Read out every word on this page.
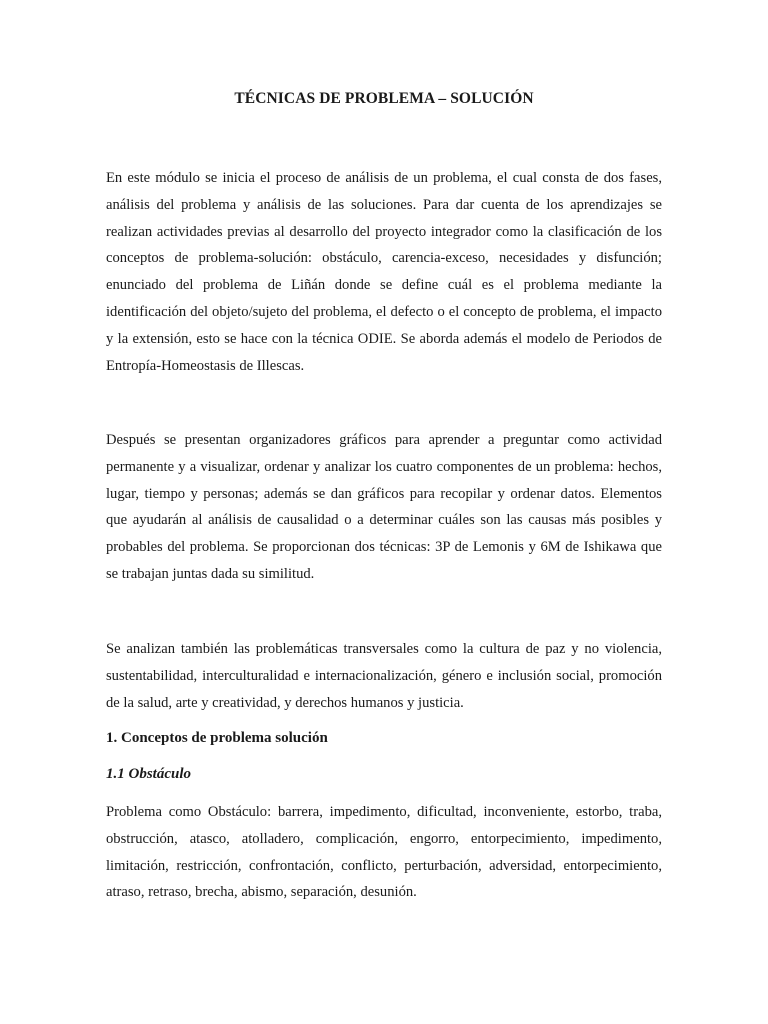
TÉCNICAS DE PROBLEMA – SOLUCIÓN

En este módulo se inicia el proceso de análisis de un problema, el cual consta de dos fases, análisis del problema y análisis de las soluciones. Para dar cuenta de los aprendizajes se realizan actividades previas al desarrollo del proyecto integrador como la clasificación de los conceptos de problema-solución: obstáculo, carencia-exceso, necesidades y disfunción; enunciado del problema de Liñán donde se define cuál es el problema mediante la identificación del objeto/sujeto del problema, el defecto o el concepto de problema, el impacto y la extensión, esto se hace con la técnica ODIE. Se aborda además el modelo de Periodos de Entropía-Homeostasis de Illescas.

Después se presentan organizadores gráficos para aprender a preguntar como actividad permanente y a visualizar, ordenar y analizar los cuatro componentes de un problema: hechos, lugar, tiempo y personas; además se dan gráficos para recopilar y ordenar datos. Elementos que ayudarán al análisis de causalidad o a determinar cuáles son las causas más posibles y probables del problema. Se proporcionan dos técnicas: 3P de Lemonis y 6M de Ishikawa que se trabajan juntas dada su similitud.

Se analizan también las problemáticas transversales como la cultura de paz y no violencia, sustentabilidad, interculturalidad e internacionalización, género e inclusión social, promoción de la salud, arte y creatividad, y derechos humanos y justicia.

1. Conceptos de problema solución
1.1 Obstáculo

Problema como Obstáculo: barrera, impedimento, dificultad, inconveniente, estorbo, traba, obstrucción, atasco, atolladero, complicación, engorro, entorpecimiento, impedimento, limitación, restricción, confrontación, conflicto, perturbación, adversidad, entorpecimiento, atraso, retraso, brecha, abismo, separación, desunión.
